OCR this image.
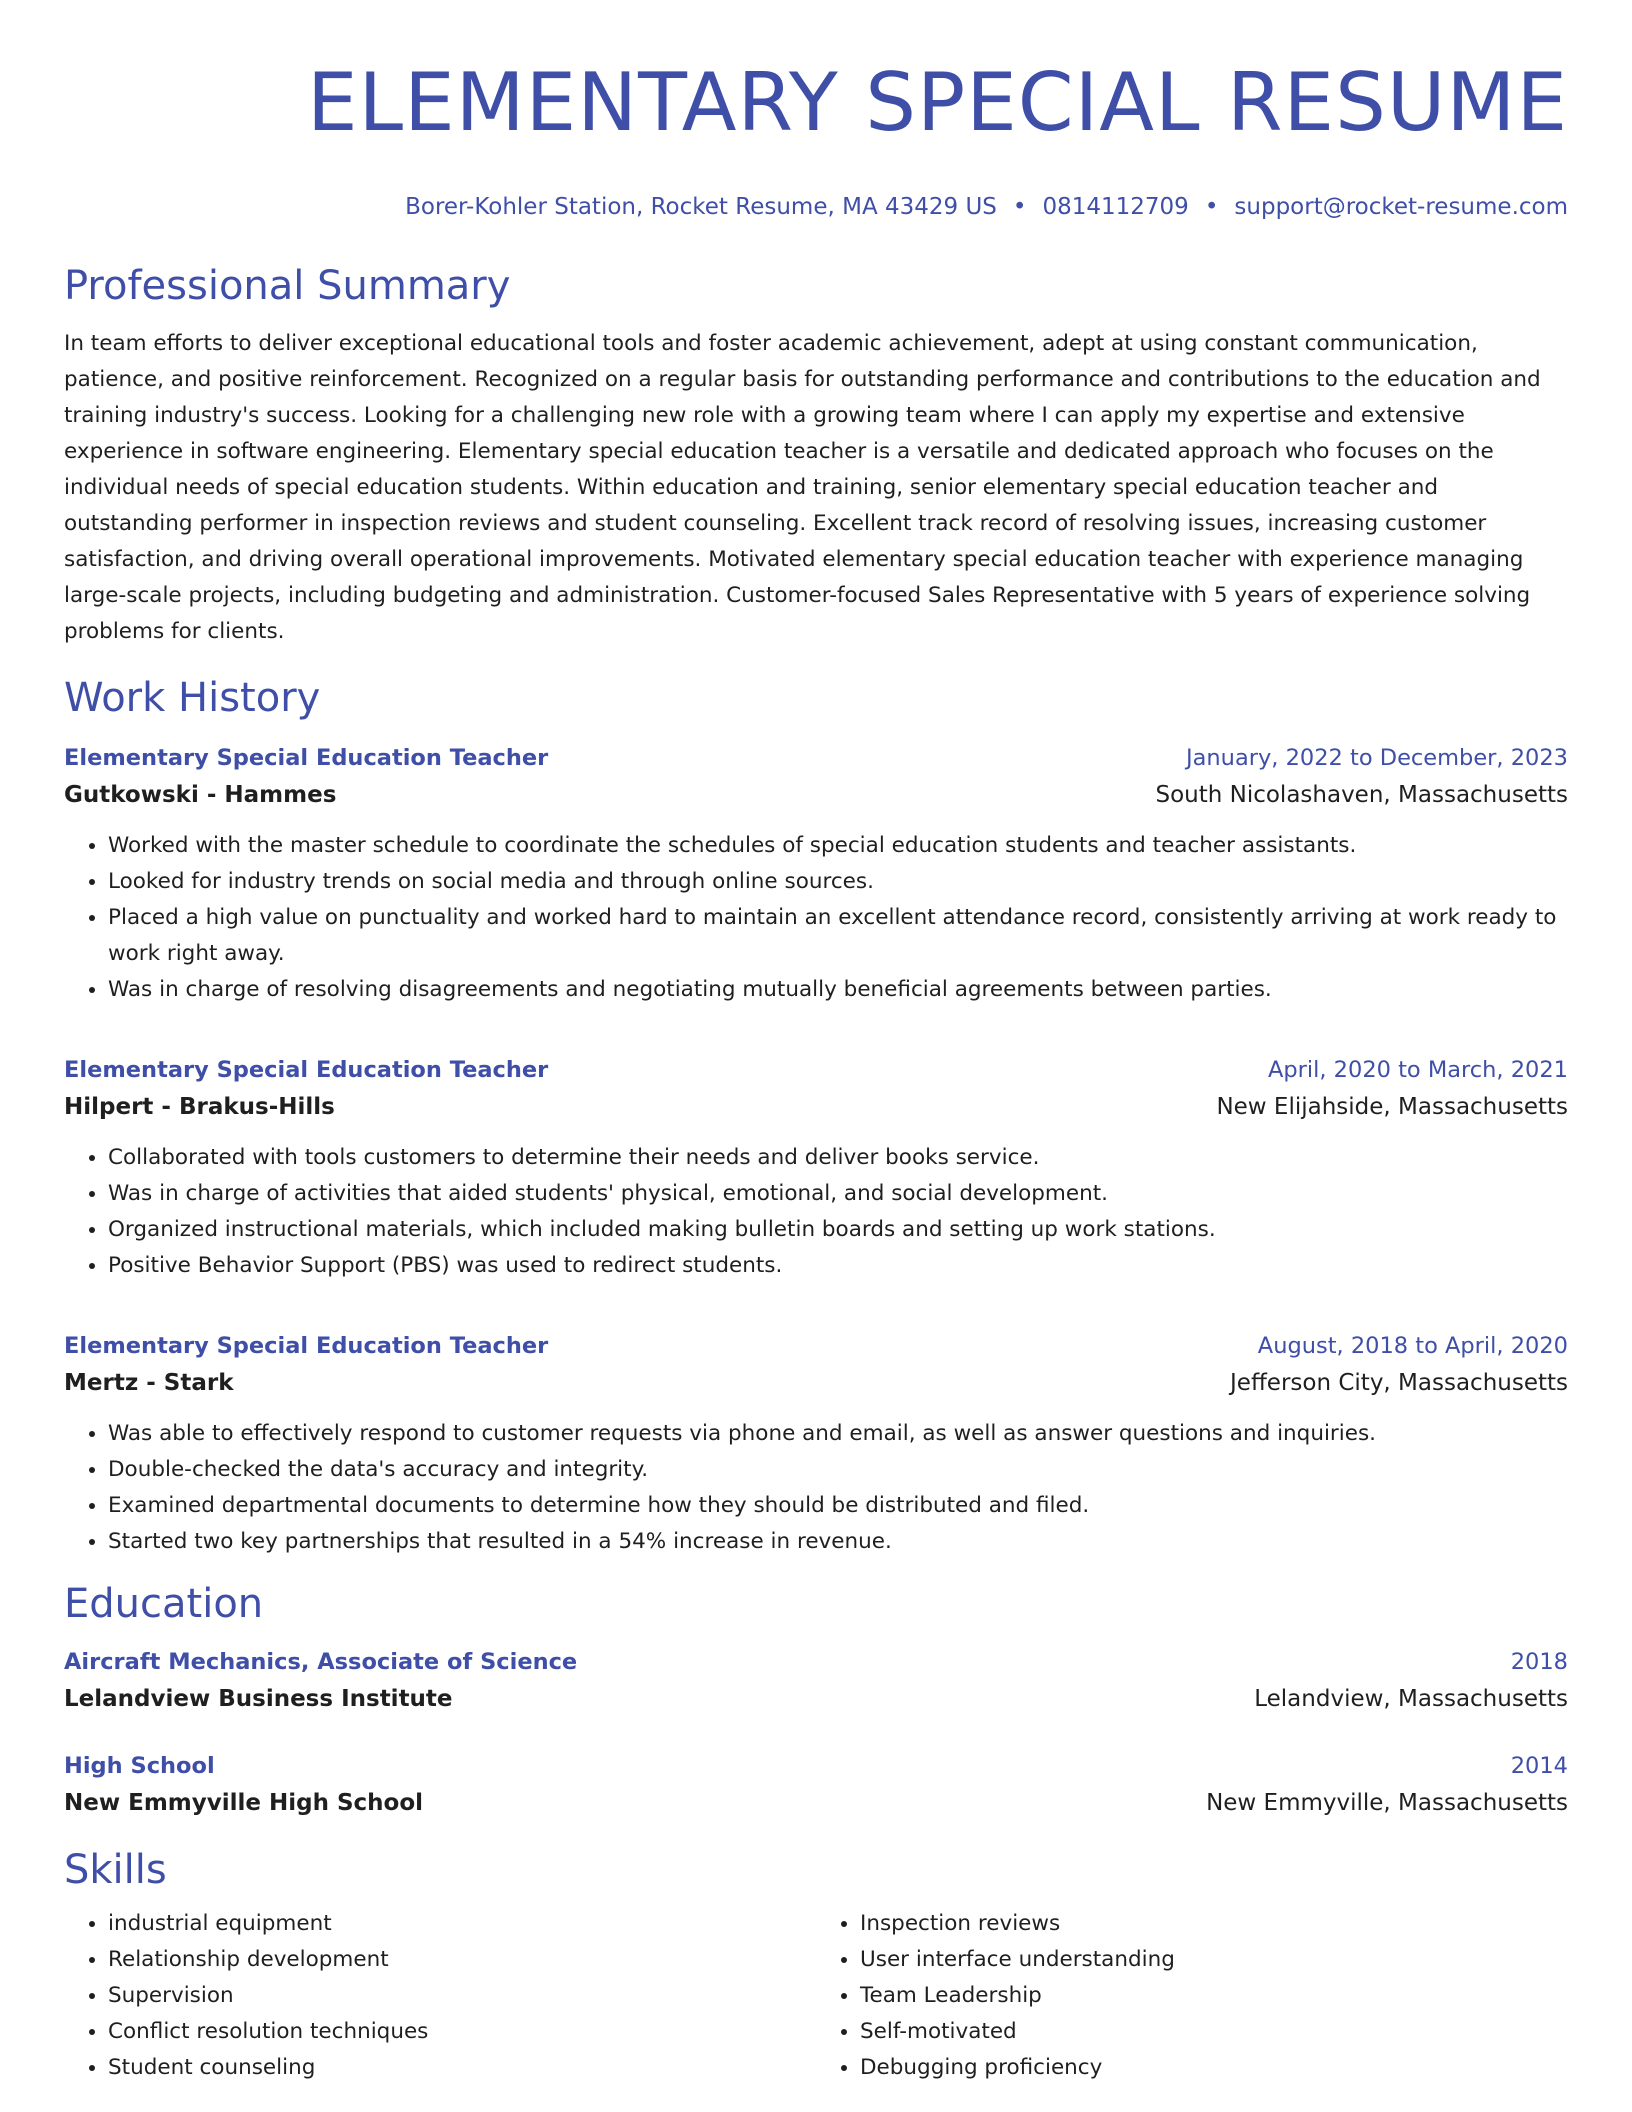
ELEMENTARY SPECIAL RESUME
Borer-Kohler Station, Rocket Resume, MA 43429 US • 0814112709 • support@rocket-resume.com
Professional Summary

In team efforts to deliver exceptional educational tools and foster academic achievement, adept at using constant communication, patience, and positive reinforcement. Recognized on a regular basis for outstanding performance and contributions to the education and training industry's success. Looking for a challenging new role with a growing team where I can apply my expertise and extensive experience in software engineering. Elementary special education teacher is a versatile and dedicated approach who focuses on the individual needs of special education students. Within education and training, senior elementary special education teacher and outstanding performer in inspection reviews and student counseling. Excellent track record of resolving issues, increasing customer satisfaction, and driving overall operational improvements. Motivated elementary special education teacher with experience managing large-scale projects, including budgeting and administration. Customer-focused Sales Representative with 5 years of experience solving problems for clients.

Work History
Elementary Special Education Teacher	January, 2022 to December, 2023
Gutkowski - Hammes	South Nicolashaven, Massachusetts
• Worked with the master schedule to coordinate the schedules of special education students and teacher assistants.
• Looked for industry trends on social media and through online sources.
• Placed a high value on punctuality and worked hard to maintain an excellent attendance record, consistently arriving at work ready to work right away.
• Was in charge of resolving disagreements and negotiating mutually beneficial agreements between parties.
Elementary Special Education Teacher	April, 2020 to March, 2021
Hilpert - Brakus-Hills	New Elijahside, Massachusetts
• Collaborated with tools customers to determine their needs and deliver books service.
• Was in charge of activities that aided students' physical, emotional, and social development.
• Organized instructional materials, which included making bulletin boards and setting up work stations.
• Positive Behavior Support (PBS) was used to redirect students.
Elementary Special Education Teacher	August, 2018 to April, 2020
Mertz - Stark	Jefferson City, Massachusetts
• Was able to effectively respond to customer requests via phone and email, as well as answer questions and inquiries.
• Double-checked the data's accuracy and integrity.
• Examined departmental documents to determine how they should be distributed and filed.
• Started two key partnerships that resulted in a 54% increase in revenue.
Education
Aircraft Mechanics, Associate of Science	2018
Lelandview Business Institute	Lelandview, Massachusetts
High School	2014
New Emmyville High School	New Emmyville, Massachusetts
Skills
• industrial equipment
• Relationship development
• Supervision
• Conflict resolution techniques
• Student counseling
• Inspection reviews
• User interface understanding
• Team Leadership
• Self-motivated
• Debugging proficiency
